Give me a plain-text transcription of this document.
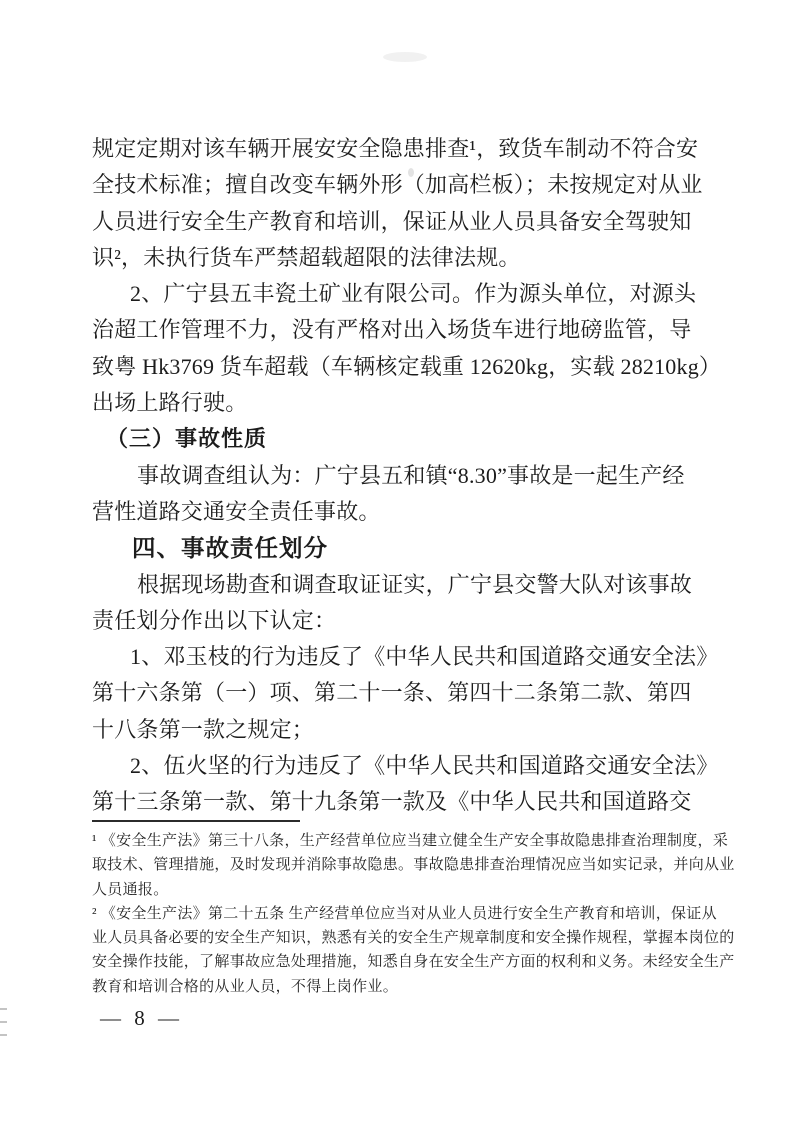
规定定期对该车辆开展安安全隐患排查¹，致货车制动不符合安
全技术标准；擅自改变车辆外形（加高栏板）；未按规定对从业
人员进行安全生产教育和培训，保证从业人员具备安全驾驶知
识²，未执行货车严禁超载超限的法律法规。
2、广宁县五丰瓷土矿业有限公司。作为源头单位，对源头
治超工作管理不力，没有严格对出入场货车进行地磅监管，导
致粤 Hk3769 货车超载（车辆核定载重 12620kg，实载 28210kg）
出场上路行驶。
（三）事故性质
事故调查组认为：广宁县五和镇“8.30”事故是一起生产经
营性道路交通安全责任事故。
四、事故责任划分
根据现场勘查和调查取证证实，广宁县交警大队对该事故
责任划分作出以下认定：
1、邓玉枝的行为违反了《中华人民共和国道路交通安全法》
第十六条第（一）项、第二十一条、第四十二条第二款、第四
十八条第一款之规定；
2、伍火坚的行为违反了《中华人民共和国道路交通安全法》
第十三条第一款、第十九条第一款及《中华人民共和国道路交
¹ 《安全生产法》第三十八条，生产经营单位应当建立健全生产安全事故隐患排查治理制度，采
取技术、管理措施，及时发现并消除事故隐患。事故隐患排查治理情况应当如实记录，并向从业
人员通报。
² 《安全生产法》第二十五条 生产经营单位应当对从业人员进行安全生产教育和培训，保证从
业人员具备必要的安全生产知识，熟悉有关的安全生产规章制度和安全操作规程，掌握本岗位的
安全操作技能，了解事故应急处理措施，知悉自身在安全生产方面的权利和义务。未经安全生产
教育和培训合格的从业人员，不得上岗作业。
— 8 —
